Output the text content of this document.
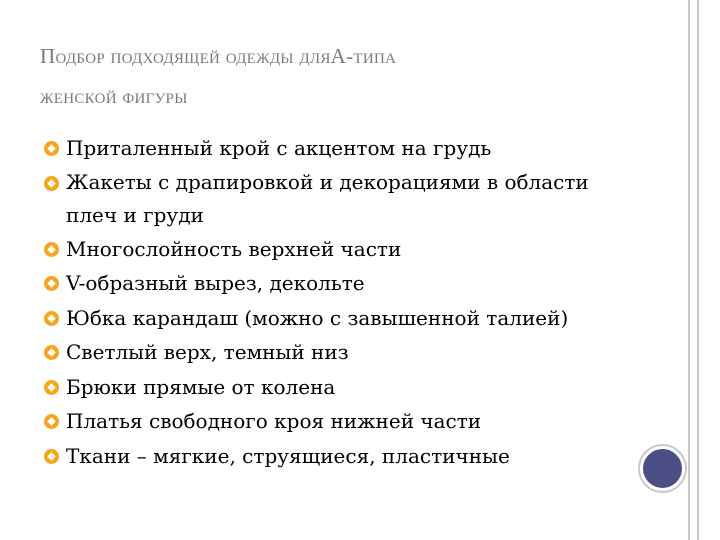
Подбор подходящей одежды дляА-типа
женской фигуры
Приталенный крой с акцентом на грудь
Жакеты с драпировкой и декорациями в области плеч и груди
Многослойность верхней части
V-образный вырез, декольте
Юбка карандаш (можно с завышенной талией)
Светлый верх, темный низ
Брюки прямые от колена
Платья свободного кроя нижней части
Ткани – мягкие, струящиеся, пластичные
